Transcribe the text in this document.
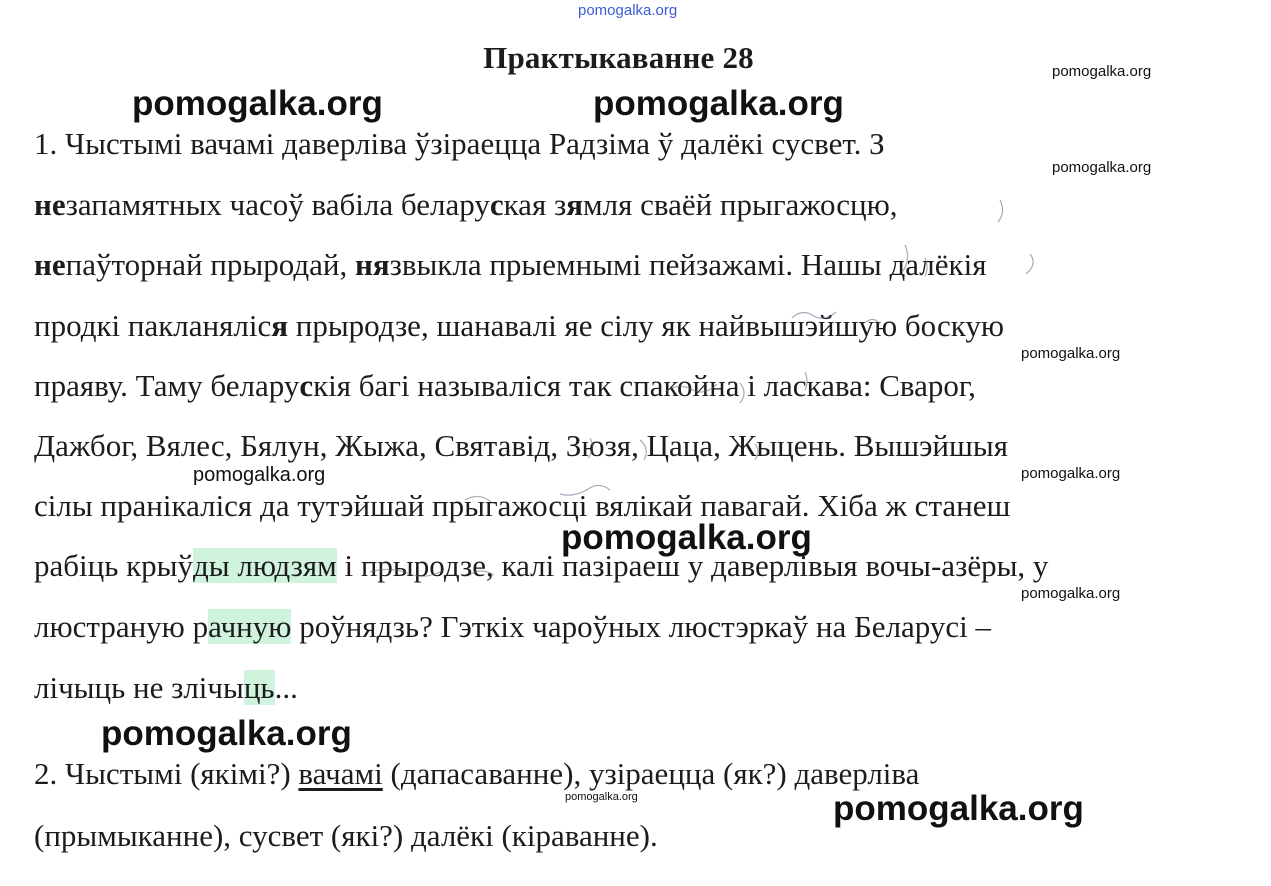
pomogalka.org
pomogalka.org
pomogalka.org	pomogalka.org
pomogalka.org
pomogalka.org
pomogalka.org
pomogalka.org
Практыкаванне 28
1. Чыстымі вачамі даверліва ўзіраецца Радзіма ў далёкі сусвет. З
незапамятных часоў вабіла беларуская зямля сваёй прыгажосцю,
непаўторнай прыродай, нязвыкла прыемнымі пейзажамі. Нашы далёкія
продкі пакланяліся прыродзе, шанавалі яе сілу як найвышэйшую боскую
праяву. Таму беларускія багі называліся так спакойна і ласкава: Сварог,
Дажбог, Вялес, Бялун, Жыжа, Святавід, Зюзя, Цаца, Жыцень. Вышэйшыя
сілы пранікаліся да тутэйшай прыгажосці вялікай павагай. Хіба ж станеш
рабіць крыўды людзям і прыродзе, калі пазіраеш у даверлівыя вочы-азёры, у
люстраную рачную роўнядзь? Гэткіх чароўных люстэркаў на Беларусі –
лічыць не злічыць...
pomogalka.org
pomogalka.org
pomogalka.org
2. Чыстымі (якімі?) вачамі (дапасаванне), узіраецца (як?) даверліва
(прымыканне), сусвет (які?) далёкі (кіраванне).
pomogalka.org	pomogalka.org
